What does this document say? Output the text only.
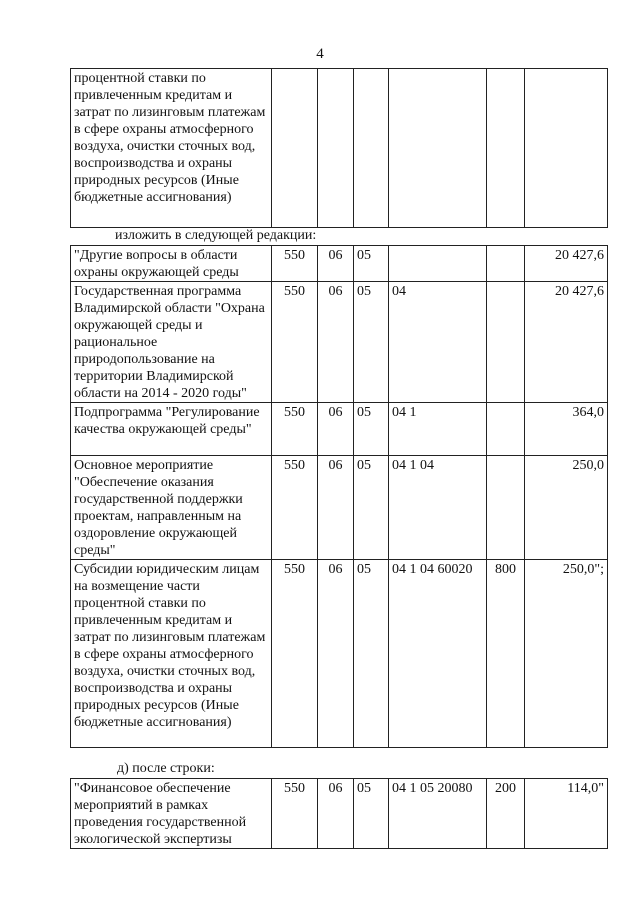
4
процентной ставки по привлеченным кредитам и затрат по лизинговым платежам в сфере охраны атмосферного воздуха, очистки сточных вод, воспроизводства и охраны природных ресурсов (Иные бюджетные ассигнования)						
изложить в следующей редакции:
"Другие вопросы в области охраны окружающей среды	550	06	05			20 427,6
Государственная программа Владимирской области "Охрана окружающей среды и рациональное природопользование на территории Владимирской области на 2014 - 2020 годы"	550	06	05	04		20 427,6
Подпрограмма "Регулирование качества окружающей среды"	550	06	05	04 1		364,0
Основное мероприятие "Обеспечение оказания государственной поддержки проектам, направленным на оздоровление окружающей среды"	550	06	05	04 1 04		250,0
Субсидии юридическим лицам на возмещение части процентной ставки по привлеченным кредитам и затрат по лизинговым платежам в сфере охраны атмосферного воздуха, очистки сточных вод, воспроизводства и охраны природных ресурсов (Иные бюджетные ассигнования)	550	06	05	04 1 04 60020	800	250,0";
д) после строки:
"Финансовое обеспечение мероприятий в рамках проведения государственной экологической экспертизы	550	06	05	04 1 05 20080	200	114,0"
